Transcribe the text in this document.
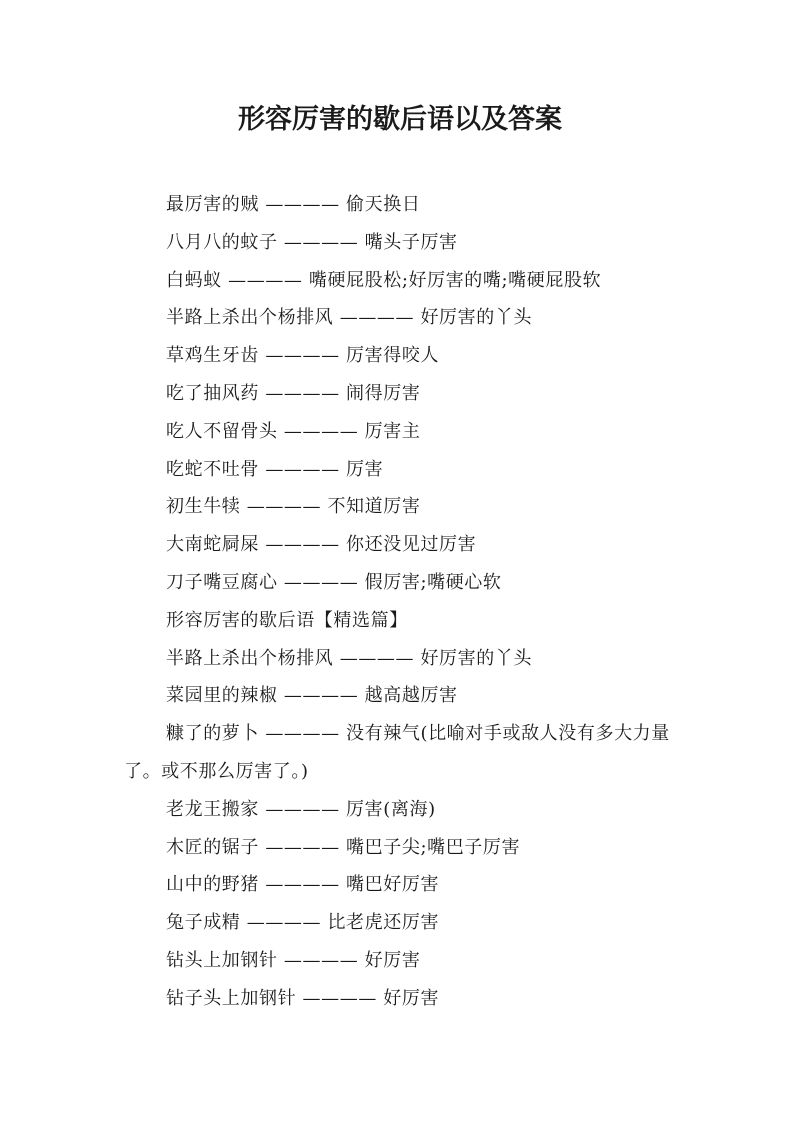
形容厉害的歇后语以及答案

最厉害的贼 ———— 偷天换日

八月八的蚊子 ———— 嘴头子厉害

白蚂蚁 ———— 嘴硬屁股松;好厉害的嘴;嘴硬屁股软

半路上杀出个杨排风 ———— 好厉害的丫头

草鸡生牙齿 ———— 厉害得咬人

吃了抽风药 ———— 闹得厉害

吃人不留骨头 ———— 厉害主

吃蛇不吐骨 ———— 厉害

初生牛犊 ———— 不知道厉害

大南蛇屙屎 ———— 你还没见过厉害

刀子嘴豆腐心 ———— 假厉害;嘴硬心软

形容厉害的歇后语【精选篇】

半路上杀出个杨排风 ———— 好厉害的丫头

菜园里的辣椒 ———— 越高越厉害

糠了的萝卜 ———— 没有辣气(比喻对手或敌人没有多大力量了。或不那么厉害了。)

老龙王搬家 ———— 厉害(离海)

木匠的锯子 ———— 嘴巴子尖;嘴巴子厉害

山中的野猪 ———— 嘴巴好厉害

兔子成精 ———— 比老虎还厉害

钻头上加钢针 ———— 好厉害

钻子头上加钢针 ———— 好厉害
